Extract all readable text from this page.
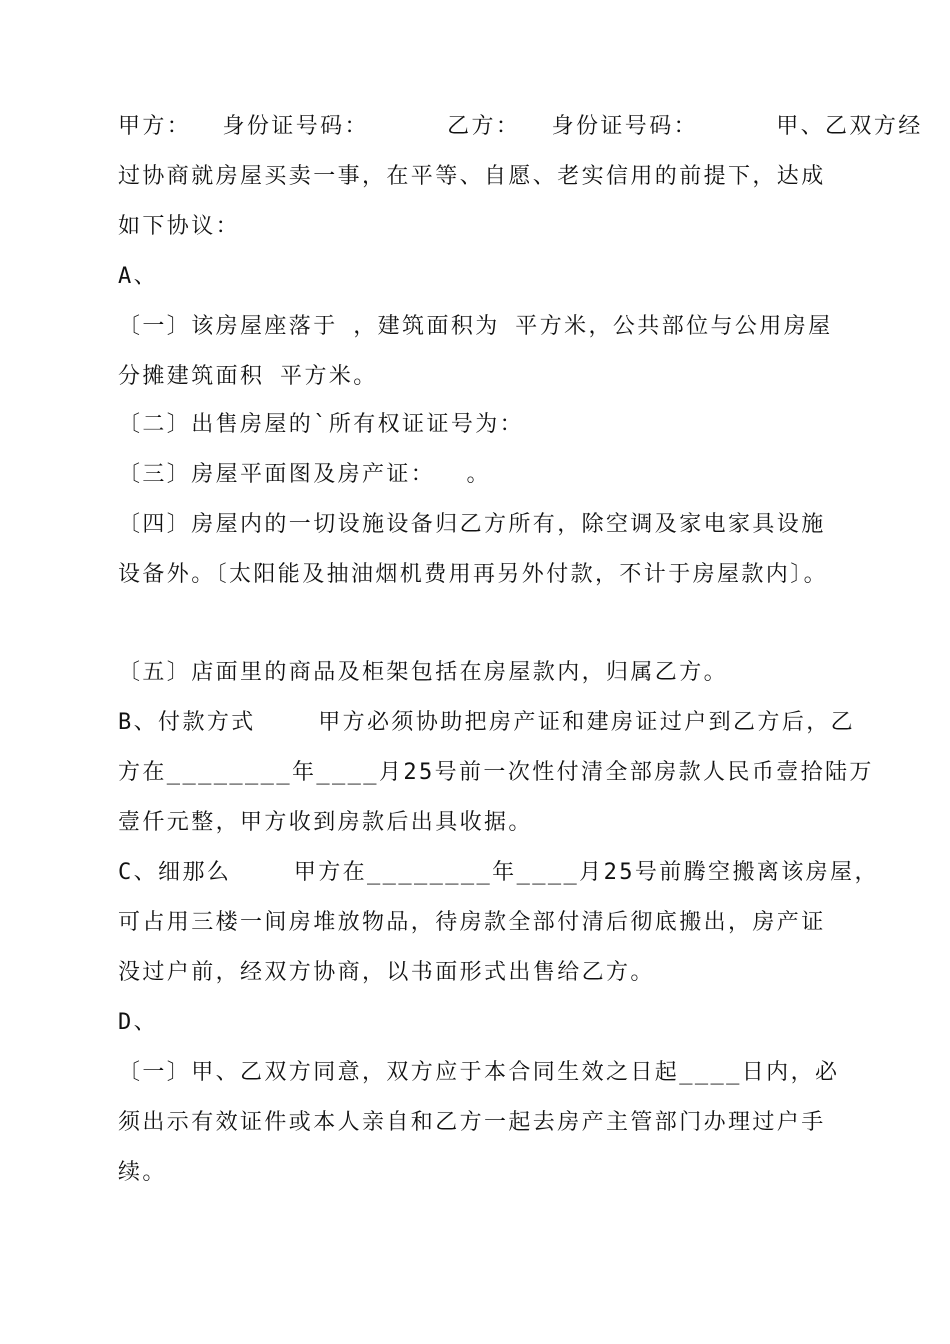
甲方：  身份证号码：     乙方：  身份证号码：     甲、乙双方经
过协商就房屋买卖一事，在平等、自愿、老实信用的前提下，达成
如下协议：
A、
〔一〕该房屋座落于 ，建筑面积为 平方米，公共部位与公用房屋
分摊建筑面积 平方米。
〔二〕出售房屋的`所有权证证号为：
〔三〕房屋平面图及房产证：  。
〔四〕房屋内的一切设施设备归乙方所有，除空调及家电家具设施
设备外。〔太阳能及抽油烟机费用再另外付款，不计于房屋款内〕。
〔五〕店面里的商品及柜架包括在房屋款内，归属乙方。
B、付款方式    甲方必须协助把房产证和建房证过户到乙方后，乙
方在________年____月25号前一次性付清全部房款人民币壹拾陆万
壹仟元整，甲方收到房款后出具收据。
C、细那么    甲方在________年____月25号前腾空搬离该房屋，
可占用三楼一间房堆放物品，待房款全部付清后彻底搬出，房产证
没过户前，经双方协商，以书面形式出售给乙方。
D、
〔一〕甲、乙双方同意，双方应于本合同生效之日起____日内，必
须出示有效证件或本人亲自和乙方一起去房产主管部门办理过户手
续。
